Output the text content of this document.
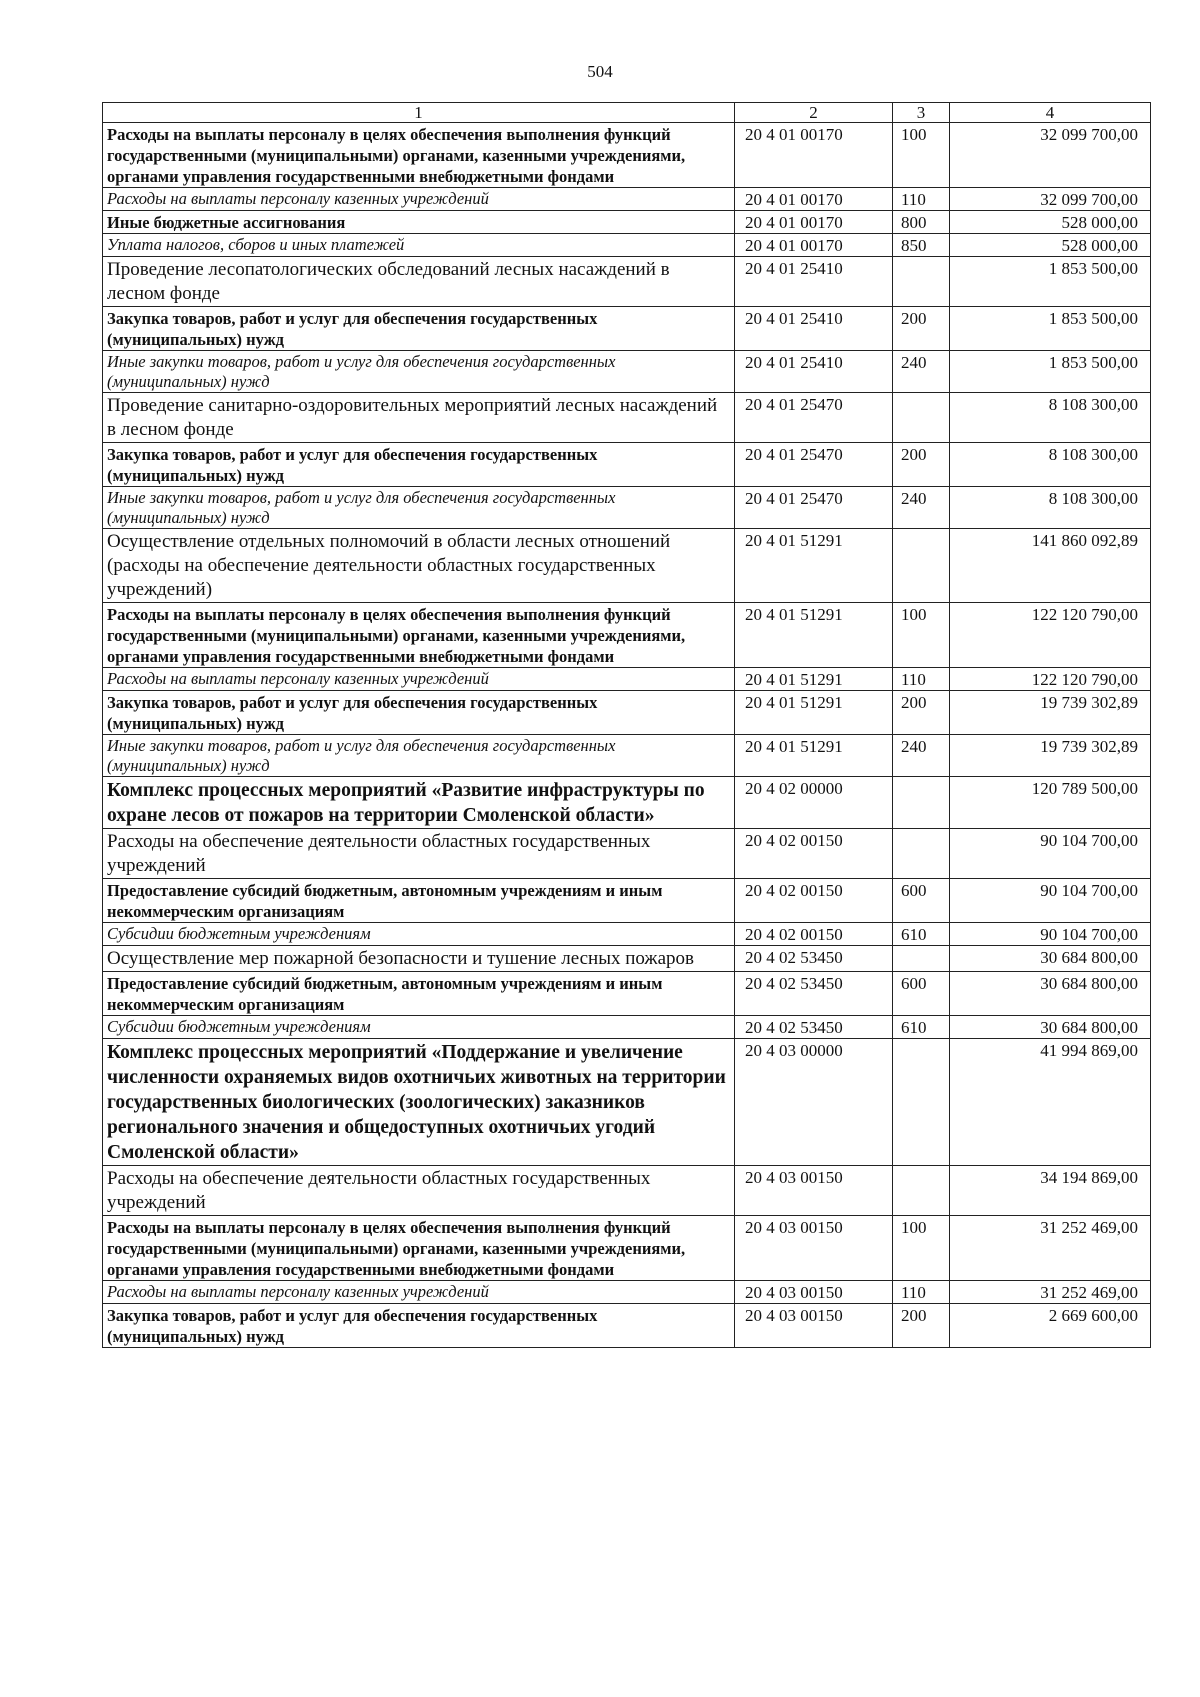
504
1	2	3	4
Расходы на выплаты персоналу в целях обеспечения выполнения функций государственными (муниципальными) органами, казенными учреждениями, органами управления государственными внебюджетными фондами	20 4 01 00170	100	32 099 700,00
Расходы на выплаты персоналу казенных учреждений	20 4 01 00170	110	32 099 700,00
Иные бюджетные ассигнования	20 4 01 00170	800	528 000,00
Уплата налогов, сборов и иных платежей	20 4 01 00170	850	528 000,00
Проведение лесопатологических обследований лесных насаждений в лесном фонде	20 4 01 25410		1 853 500,00
Закупка товаров, работ и услуг для обеспечения государственных (муниципальных) нужд	20 4 01 25410	200	1 853 500,00
Иные закупки товаров, работ и услуг для обеспечения государственных (муниципальных) нужд	20 4 01 25410	240	1 853 500,00
Проведение санитарно-оздоровительных мероприятий лесных насаждений в лесном фонде	20 4 01 25470		8 108 300,00
Закупка товаров, работ и услуг для обеспечения государственных (муниципальных) нужд	20 4 01 25470	200	8 108 300,00
Иные закупки товаров, работ и услуг для обеспечения государственных (муниципальных) нужд	20 4 01 25470	240	8 108 300,00
Осуществление отдельных полномочий в области лесных отношений (расходы на обеспечение деятельности областных государственных учреждений)	20 4 01 51291		141 860 092,89
Расходы на выплаты персоналу в целях обеспечения выполнения функций государственными (муниципальными) органами, казенными учреждениями, органами управления государственными внебюджетными фондами	20 4 01 51291	100	122 120 790,00
Расходы на выплаты персоналу казенных учреждений	20 4 01 51291	110	122 120 790,00
Закупка товаров, работ и услуг для обеспечения государственных (муниципальных) нужд	20 4 01 51291	200	19 739 302,89
Иные закупки товаров, работ и услуг для обеспечения государственных (муниципальных) нужд	20 4 01 51291	240	19 739 302,89
Комплекс процессных мероприятий «Развитие инфраструктуры по охране лесов от пожаров на территории Смоленской области»	20 4 02 00000		120 789 500,00
Расходы на обеспечение деятельности областных государственных учреждений	20 4 02 00150		90 104 700,00
Предоставление субсидий бюджетным, автономным учреждениям и иным некоммерческим организациям	20 4 02 00150	600	90 104 700,00
Субсидии бюджетным учреждениям	20 4 02 00150	610	90 104 700,00
Осуществление мер пожарной безопасности и тушение лесных пожаров	20 4 02 53450		30 684 800,00
Предоставление субсидий бюджетным, автономным учреждениям и иным некоммерческим организациям	20 4 02 53450	600	30 684 800,00
Субсидии бюджетным учреждениям	20 4 02 53450	610	30 684 800,00
Комплекс процессных мероприятий «Поддержание и увеличение численности охраняемых видов охотничьих животных на территории государственных биологических (зоологических) заказников регионального значения и общедоступных охотничьих угодий Смоленской области»	20 4 03 00000		41 994 869,00
Расходы на обеспечение деятельности областных государственных учреждений	20 4 03 00150		34 194 869,00
Расходы на выплаты персоналу в целях обеспечения выполнения функций государственными (муниципальными) органами, казенными учреждениями, органами управления государственными внебюджетными фондами	20 4 03 00150	100	31 252 469,00
Расходы на выплаты персоналу казенных учреждений	20 4 03 00150	110	31 252 469,00
Закупка товаров, работ и услуг для обеспечения государственных (муниципальных) нужд	20 4 03 00150	200	2 669 600,00
